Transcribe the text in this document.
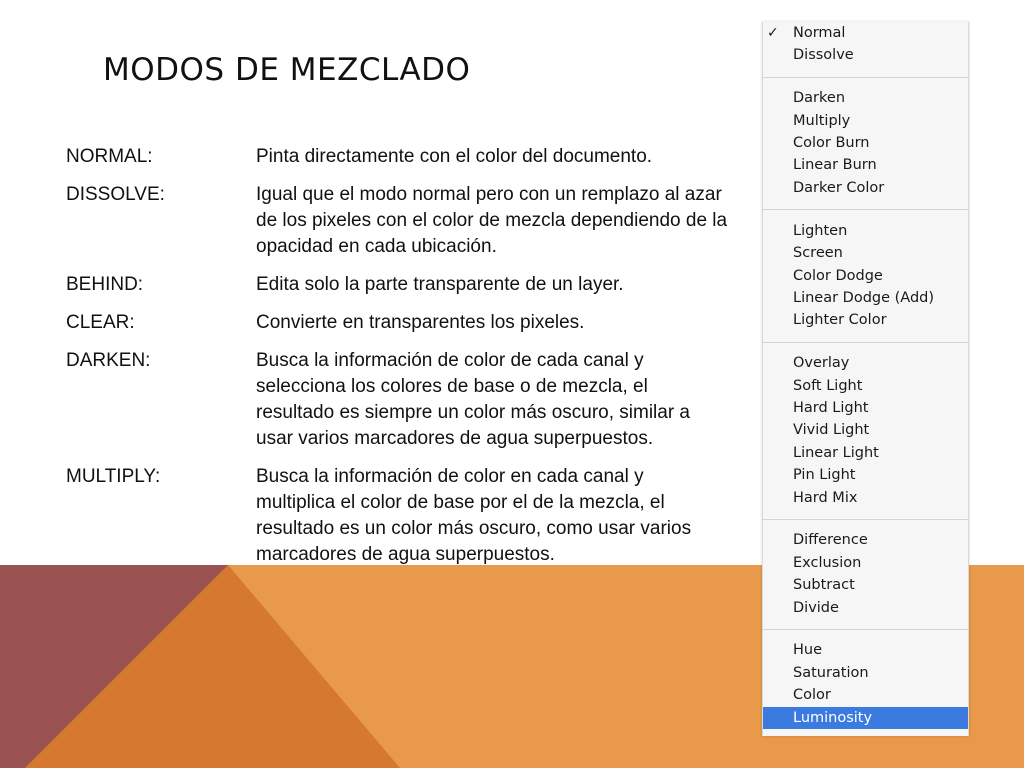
MODOS DE MEZCLADO
NORMAL:	Pinta directamente con el color del documento.
DISSOLVE:	Igual que el modo normal pero con un remplazo al azar de los pixeles con el color de mezcla dependiendo de la opacidad en cada ubicación.
BEHIND:	Edita solo la parte transparente de un layer.
CLEAR:	Convierte en transparentes los pixeles.
DARKEN:	Busca la información de color de cada canal y selecciona los colores de base o de mezcla, el resultado es siempre un color más oscuro, similar a usar varios marcadores de agua superpuestos.
MULTIPLY:	Busca la información de color en cada canal y multiplica el color de base por el de la mezcla, el resultado es un color más oscuro, como usar varios marcadores de agua superpuestos.
✓ Normal
Dissolve
Darken
Multiply
Color Burn
Linear Burn
Darker Color
Lighten
Screen
Color Dodge
Linear Dodge (Add)
Lighter Color
Overlay
Soft Light
Hard Light
Vivid Light
Linear Light
Pin Light
Hard Mix
Difference
Exclusion
Subtract
Divide
Hue
Saturation
Color
Luminosity
